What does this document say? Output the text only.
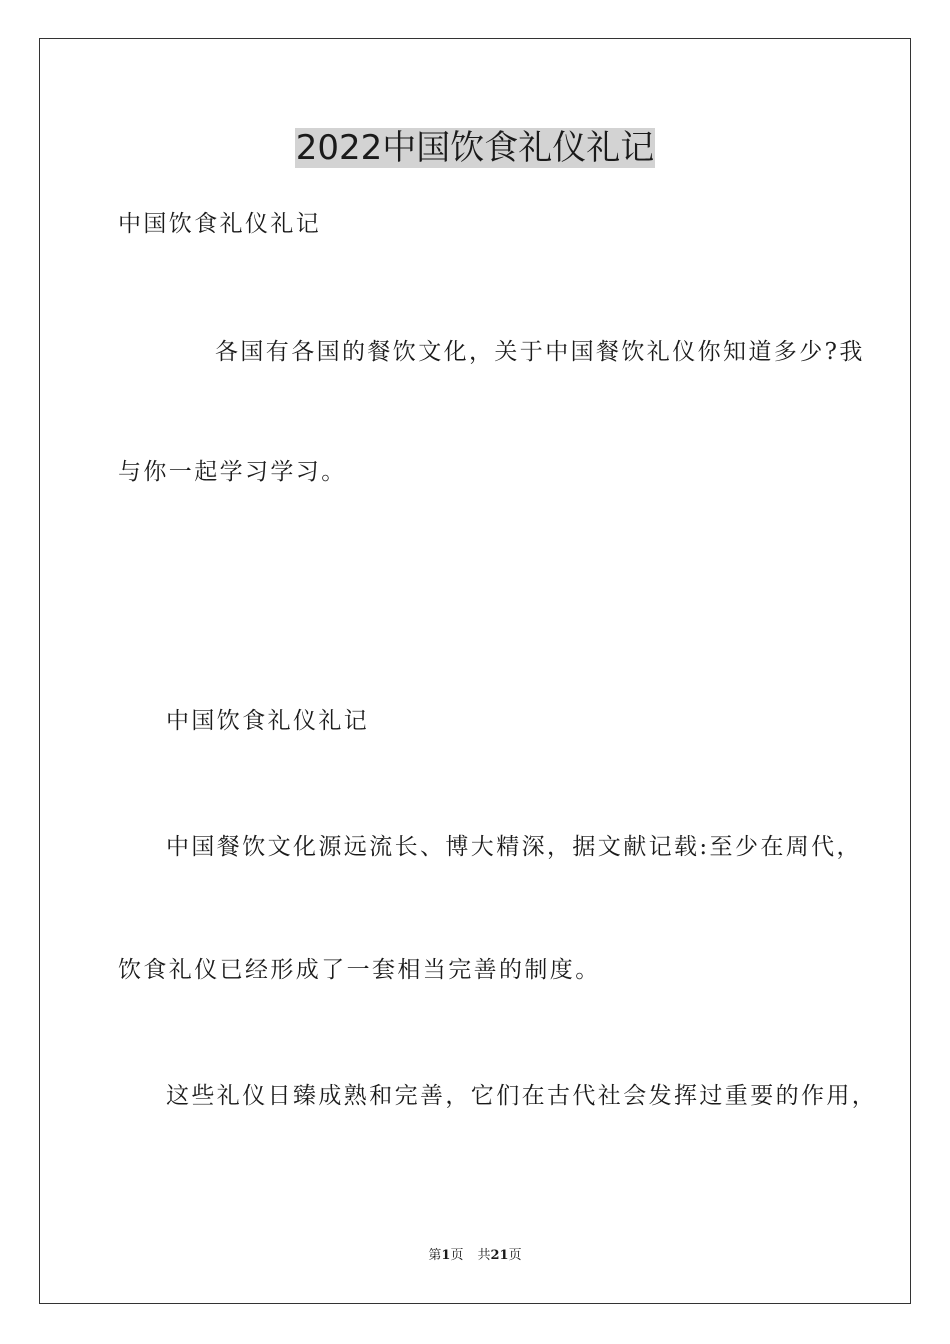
2022中国饮食礼仪礼记

中国饮食礼仪礼记

各国有各国的餐饮文化，关于中国餐饮礼仪你知道多少?我

与你一起学习学习。

中国饮食礼仪礼记

中国餐饮文化源远流长、博大精深，据文献记载:至少在周代，

饮食礼仪已经形成了一套相当完善的制度。

这些礼仪日臻成熟和完善，它们在古代社会发挥过重要的作用，

第1页 共21页
